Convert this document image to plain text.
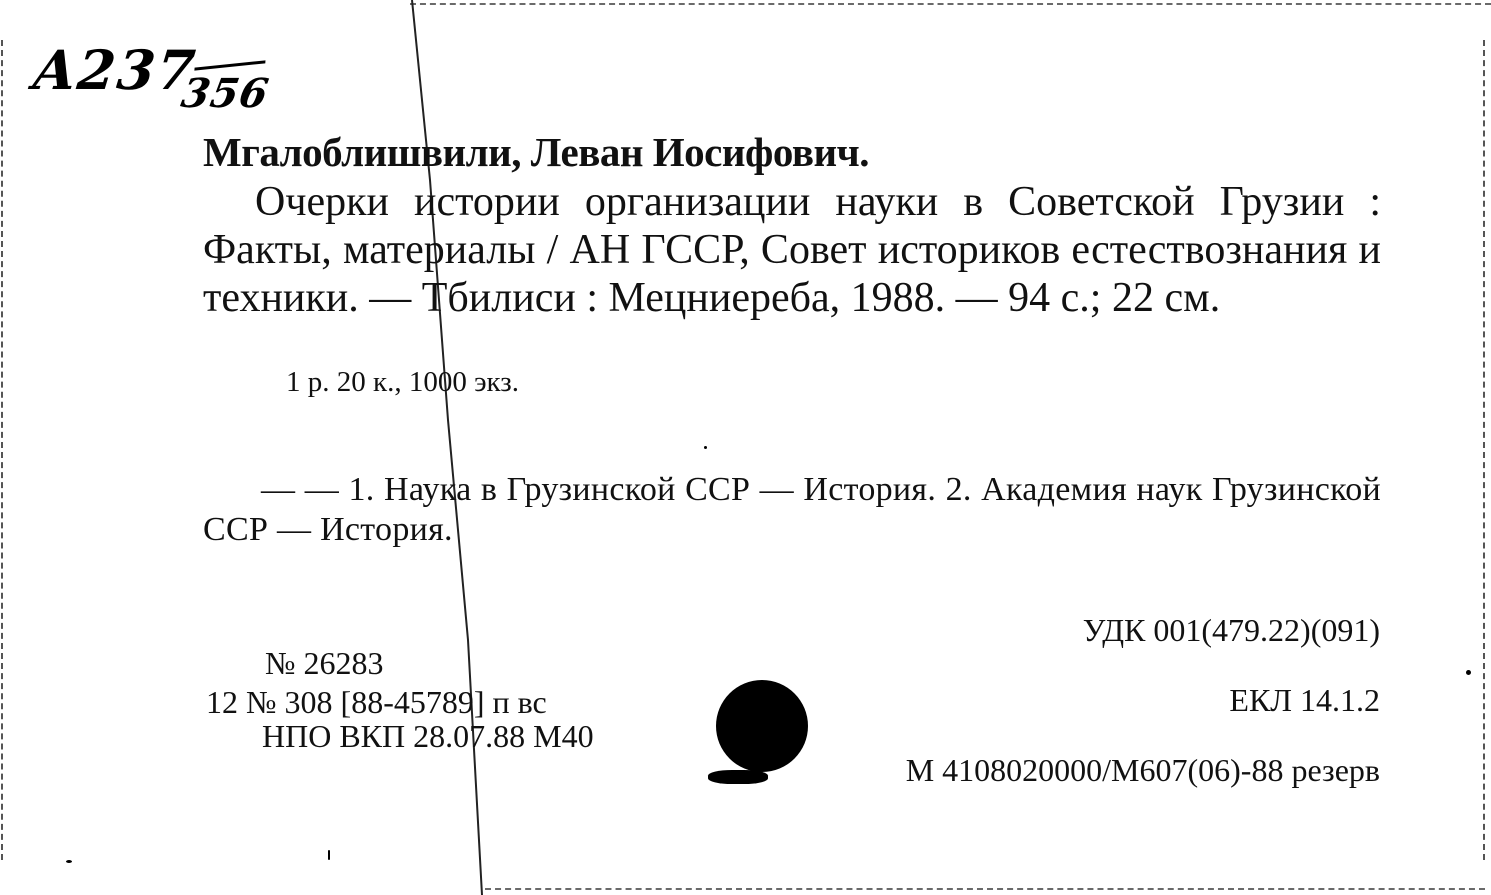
A237
356
Мгалоблишвили, Леван Иосифович.
Очерки истории организации науки в Советской Грузии : Факты, материалы / АН ГССР, Совет историков естествознания и техники. — Тбилиси : Мецниереба, 1988. — 94 с.; 22 см.
1 р. 20 к., 1000 экз.
— — 1. Наука в Грузинской ССР — История. 2. Академия наук Грузинской ССР — История.
УДК 001(479.22)(091)
ЕКЛ 14.1.2
М 4108020000/М607(06)-88 резерв
№ 26283
12 № 308 [88-45789] п вс
НПО ВКП 28.07.88 М40
